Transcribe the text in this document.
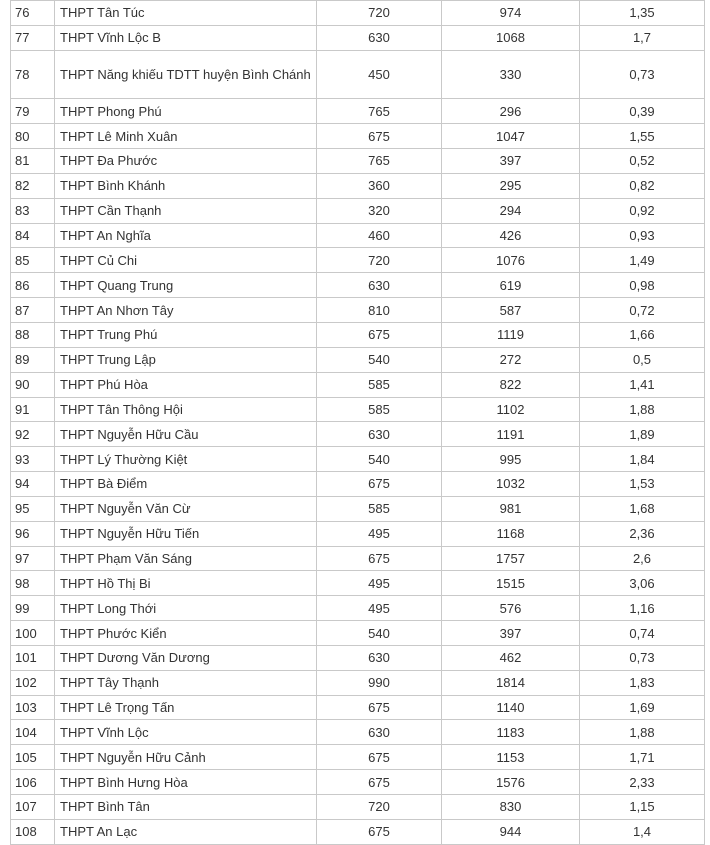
76	THPT Tân Túc	720	974	1,35
77	THPT Vĩnh Lộc B	630	1068	1,7
78	THPT Năng khiếu TDTT huyện Bình Chánh	450	330	0,73
79	THPT Phong Phú	765	296	0,39
80	THPT Lê Minh Xuân	675	1047	1,55
81	THPT Đa Phước	765	397	0,52
82	THPT Bình Khánh	360	295	0,82
83	THPT Cần Thạnh	320	294	0,92
84	THPT An Nghĩa	460	426	0,93
85	THPT Củ Chi	720	1076	1,49
86	THPT Quang Trung	630	619	0,98
87	THPT An Nhơn Tây	810	587	0,72
88	THPT Trung Phú	675	1119	1,66
89	THPT Trung Lập	540	272	0,5
90	THPT Phú Hòa	585	822	1,41
91	THPT Tân Thông Hội	585	1102	1,88
92	THPT Nguyễn Hữu Cầu	630	1191	1,89
93	THPT Lý Thường Kiệt	540	995	1,84
94	THPT Bà Điểm	675	1032	1,53
95	THPT Nguyễn Văn Cừ	585	981	1,68
96	THPT Nguyễn Hữu Tiến	495	1168	2,36
97	THPT Phạm Văn Sáng	675	1757	2,6
98	THPT Hồ Thị Bi	495	1515	3,06
99	THPT Long Thới	495	576	1,16
100	THPT Phước Kiển	540	397	0,74
101	THPT Dương Văn Dương	630	462	0,73
102	THPT Tây Thạnh	990	1814	1,83
103	THPT Lê Trọng Tấn	675	1140	1,69
104	THPT Vĩnh Lộc	630	1183	1,88
105	THPT Nguyễn Hữu Cảnh	675	1153	1,71
106	THPT Bình Hưng Hòa	675	1576	2,33
107	THPT Bình Tân	720	830	1,15
108	THPT An Lạc	675	944	1,4
